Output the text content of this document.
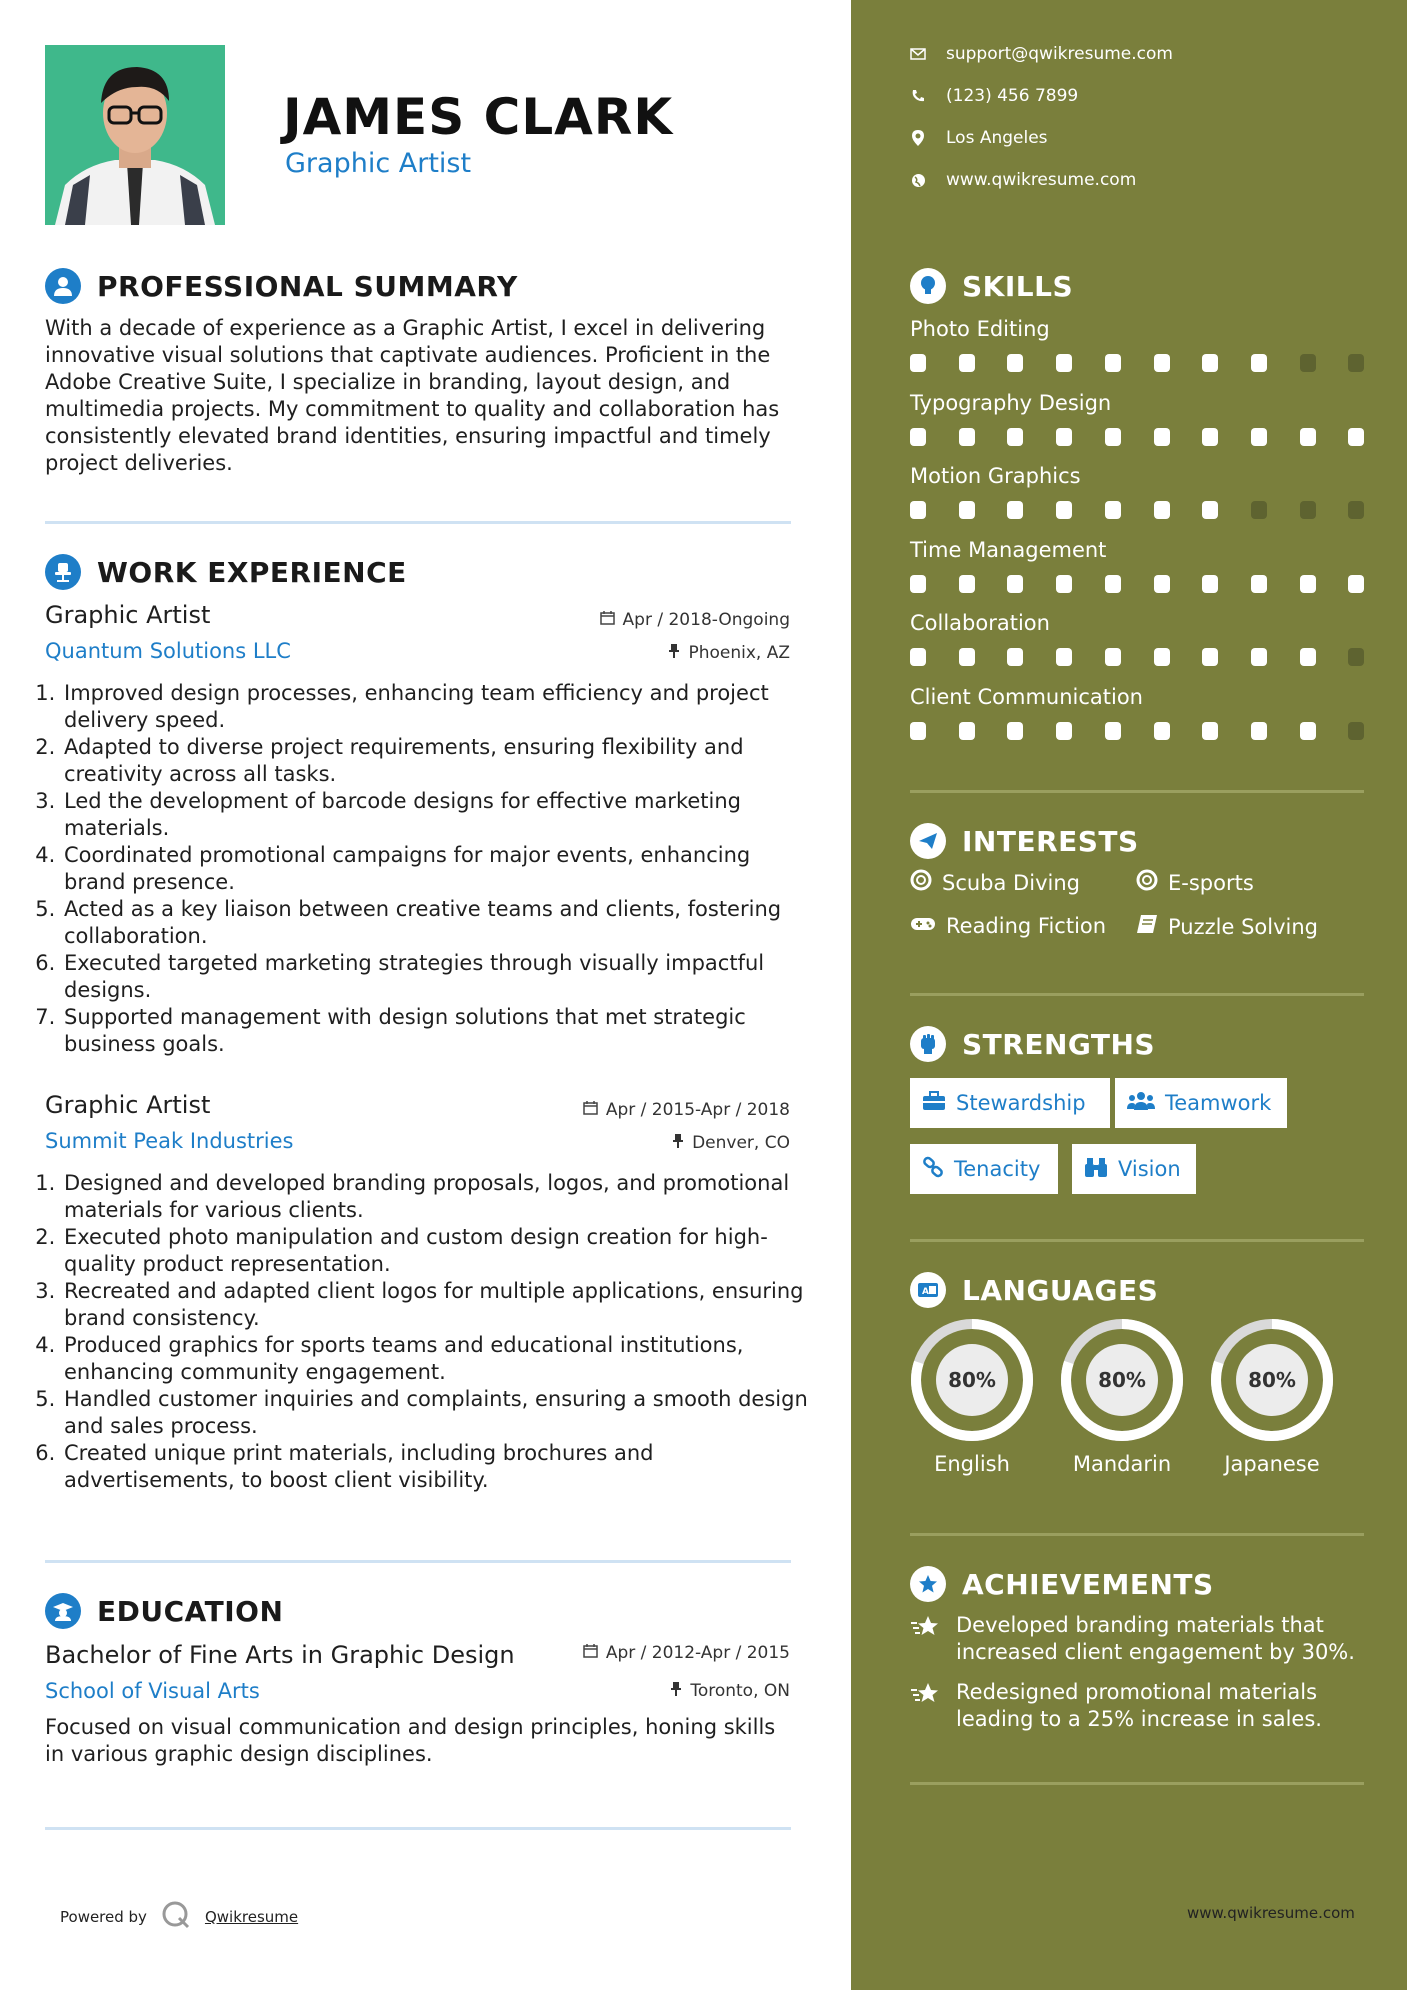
JAMES CLARK
Graphic Artist
PROFESSIONAL SUMMARY
With a decade of experience as a Graphic Artist, I excel in delivering innovative visual solutions that captivate audiences. Proficient in the Adobe Creative Suite, I specialize in branding, layout design, and multimedia projects. My commitment to quality and collaboration has consistently elevated brand identities, ensuring impactful and timely project deliveries.
WORK EXPERIENCE
Graphic Artist	Apr / 2018-Ongoing
Quantum Solutions LLC	Phoenix, AZ
1. Improved design processes, enhancing team efficiency and project delivery speed.
2. Adapted to diverse project requirements, ensuring flexibility and creativity across all tasks.
3. Led the development of barcode designs for effective marketing materials.
4. Coordinated promotional campaigns for major events, enhancing brand presence.
5. Acted as a key liaison between creative teams and clients, fostering collaboration.
6. Executed targeted marketing strategies through visually impactful designs.
7. Supported management with design solutions that met strategic business goals.
Graphic Artist	Apr / 2015-Apr / 2018
Summit Peak Industries	Denver, CO
1. Designed and developed branding proposals, logos, and promotional materials for various clients.
2. Executed photo manipulation and custom design creation for high-quality product representation.
3. Recreated and adapted client logos for multiple applications, ensuring brand consistency.
4. Produced graphics for sports teams and educational institutions, enhancing community engagement.
5. Handled customer inquiries and complaints, ensuring a smooth design and sales process.
6. Created unique print materials, including brochures and advertisements, to boost client visibility.
EDUCATION
Bachelor of Fine Arts in Graphic Design	Apr / 2012-Apr / 2015
School of Visual Arts	Toronto, ON
Focused on visual communication and design principles, honing skills in various graphic design disciplines.
Powered by	Qwikresume
support@qwikresume.com
(123) 456 7899
Los Angeles
www.qwikresume.com
SKILLS
Photo Editing
Typography Design
Motion Graphics
Time Management
Collaboration
Client Communication
INTERESTS
Scuba Diving	E-sports
Reading Fiction	Puzzle Solving
STRENGTHS
Stewardship	Teamwork
Tenacity	Vision
A LANGUAGES
80%
English
80%
Mandarin
80%
Japanese
ACHIEVEMENTS
Developed branding materials that increased client engagement by 30%.
Redesigned promotional materials leading to a 25% increase in sales.
www.qwikresume.com
